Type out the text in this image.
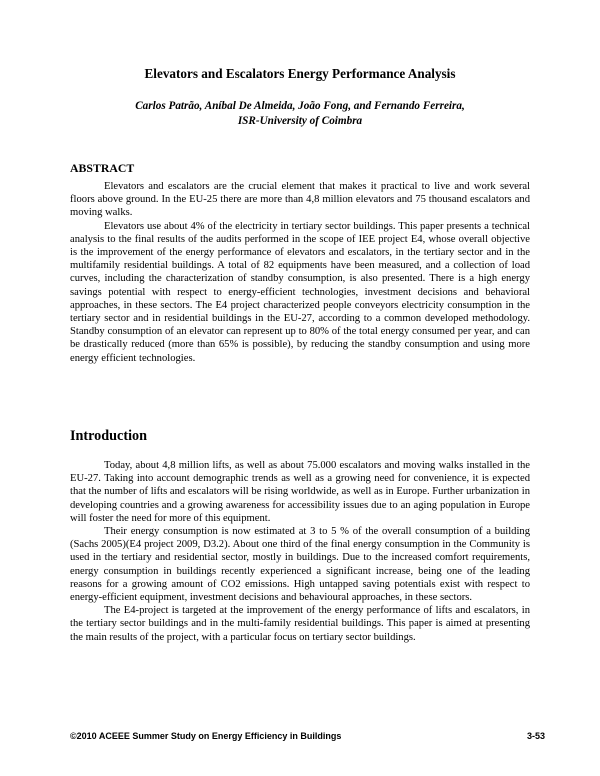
Elevators and Escalators Energy Performance Analysis
Carlos Patrão, Aníbal De Almeida, João Fong, and Fernando Ferreira,
ISR-University of Coimbra
ABSTRACT

Elevators and escalators are the crucial element that makes it practical to live and work several floors above ground. In the EU-25 there are more than 4,8 million elevators and 75 thousand escalators and moving walks.

Elevators use about 4% of the electricity in tertiary sector buildings. This paper presents a technical analysis to the final results of the audits performed in the scope of IEE project E4, whose overall objective is the improvement of the energy performance of elevators and escalators, in the tertiary sector and in the multifamily residential buildings. A total of 82 equipments have been measured, and a collection of load curves, including the characterization of standby consumption, is also presented. There is a high energy savings potential with respect to energy-efficient technologies, investment decisions and behavioral approaches, in these sectors. The E4 project characterized people conveyors electricity consumption in the tertiary sector and in residential buildings in the EU-27, according to a common developed methodology. Standby consumption of an elevator can represent up to 80% of the total energy consumed per year, and can be drastically reduced (more than 65% is possible), by reducing the standby consumption and using more energy efficient technologies.

Introduction

Today, about 4,8 million lifts, as well as about 75.000 escalators and moving walks installed in the EU-27. Taking into account demographic trends as well as a growing need for convenience, it is expected that the number of lifts and escalators will be rising worldwide, as well as in Europe. Further urbanization in developing countries and a growing awareness for accessibility issues due to an aging population in Europe will foster the need for more of this equipment.

Their energy consumption is now estimated at 3 to 5 % of the overall consumption of a building (Sachs 2005)(E4 project 2009, D3.2). About one third of the final energy consumption in the Community is used in the tertiary and residential sector, mostly in buildings. Due to the increased comfort requirements, energy consumption in buildings recently experienced a significant increase, being one of the leading reasons for a growing amount of CO2 emissions. High untapped saving potentials exist with respect to energy-efficient equipment, investment decisions and behavioural approaches, in these sectors.

The E4-project is targeted at the improvement of the energy performance of lifts and escalators, in the tertiary sector buildings and in the multi-family residential buildings. This paper is aimed at presenting the main results of the project, with a particular focus on tertiary sector buildings.

©2010 ACEEE Summer Study on Energy Efficiency in Buildings	3-53
